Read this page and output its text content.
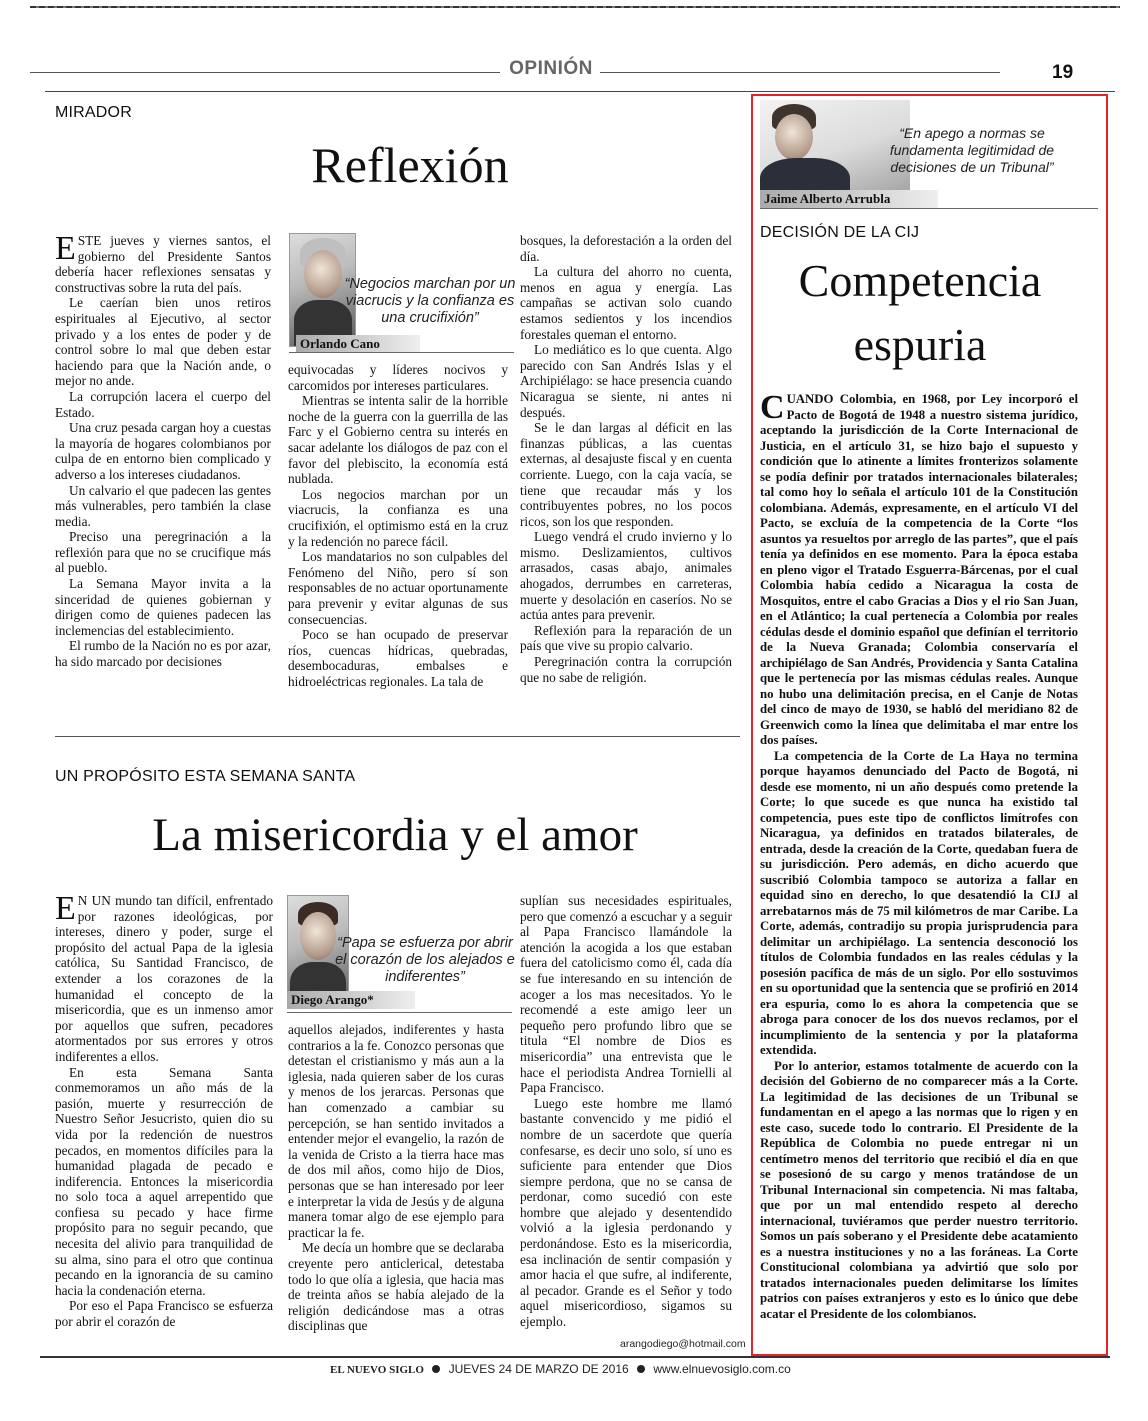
OPINIÓN	19
MIRADOR
Reflexión

ESTE jueves y viernes santos, el gobierno del Presidente Santos debería hacer reflexiones sensatas y constructivas sobre la ruta del país.

Le caerían bien unos retiros espirituales al Ejecutivo, al sector privado y a los entes de poder y de control sobre lo mal que deben estar haciendo para que la Nación ande, o mejor no ande.

La corrupción lacera el cuerpo del Estado.

Una cruz pesada cargan hoy a cuestas la mayoría de hogares colombianos por culpa de en entorno bien complicado y adverso a los intereses ciudadanos.

Un calvario el que padecen las gentes más vulnerables, pero también la clase media.

Preciso una peregrinación a la reflexión para que no se crucifique más al pueblo.

La Semana Mayor invita a la sinceridad de quienes gobiernan y dirigen como de quienes padecen las inclemencias del establecimiento.

El rumbo de la Nación no es por azar, ha sido marcado por decisiones

Orlando Cano
“Negocios marchan por un viacrucis y la confianza es una crucifixión”

equivocadas y líderes nocivos y carcomidos por intereses particulares.

Mientras se intenta salir de la horrible noche de la guerra con la guerrilla de las Farc y el Gobierno centra su interés en sacar adelante los diálogos de paz con el favor del plebiscito, la economía está nublada.

Los negocios marchan por un viacrucis, la confianza es una crucifixión, el optimismo está en la cruz y la redención no parece fácil.

Los mandatarios no son culpables del Fenómeno del Niño, pero sí son responsables de no actuar oportunamente para prevenir y evitar algunas de sus consecuencias.

Poco se han ocupado de preservar ríos, cuencas hídricas, quebradas, desembocaduras, embalses e hidroeléctricas regionales. La tala de

bosques, la deforestación a la orden del día.

La cultura del ahorro no cuenta, menos en agua y energía. Las campañas se activan solo cuando estamos sedientos y los incendios forestales queman el entorno.

Lo mediático es lo que cuenta. Algo parecido con San Andrés Islas y el Archipiélago: se hace presencia cuando Nicaragua se siente, ni antes ni después.

Se le dan largas al déficit en las finanzas públicas, a las cuentas externas, al desajuste fiscal y en cuenta corriente. Luego, con la caja vacía, se tiene que recaudar más y los contribuyentes pobres, no los pocos ricos, son los que responden.

Luego vendrá el crudo invierno y lo mismo. Deslizamientos, cultivos arrasados, casas abajo, animales ahogados, derrumbes en carreteras, muerte y desolación en caseríos. No se actúa antes para prevenir.

Reflexión para la reparación de un país que vive su propio calvario.

Peregrinación contra la corrupción que no sabe de religión.

UN PROPÓSITO ESTA SEMANA SANTA
La misericordia y el amor

E N UN mundo tan difícil, enfrentado por razones ideológicas, por intereses, dinero y poder, surge el propósito del actual Papa de la iglesia católica, Su Santidad Francisco, de extender a los corazones de la humanidad el concepto de la misericordia, que es un inmenso amor por aquellos que sufren, pecadores atormentados por sus errores y otros indiferentes a ellos.

En esta Semana Santa conmemoramos un año más de la pasión, muerte y resurrección de Nuestro Señor Jesucristo, quien dio su vida por la redención de nuestros pecados, en momentos difíciles para la humanidad plagada de pecado e indiferencia. Entonces la misericordia no solo toca a aquel arrepentido que confiesa su pecado y hace firme propósito para no seguir pecando, que necesita del alivio para tranquilidad de su alma, sino para el otro que continua pecando en la ignorancia de su camino hacia la condenación eterna.

Por eso el Papa Francisco se esfuerza por abrir el corazón de

Diego Arango*
“Papa se esfuerza por abrir el corazón de los alejados e indiferentes”

aquellos alejados, indiferentes y hasta contrarios a la fe. Conozco personas que detestan el cristianismo y más aun a la iglesia, nada quieren saber de los curas y menos de los jerarcas. Personas que han comenzado a cambiar su percepción, se han sentido invitados a entender mejor el evangelio, la razón de la venida de Cristo a la tierra hace mas de dos mil años, como hijo de Dios, personas que se han interesado por leer e interpretar la vida de Jesús y de alguna manera tomar algo de ese ejemplo para practicar la fe.

Me decía un hombre que se declaraba creyente pero anticlerical, detestaba todo lo que olía a iglesia, que hacia mas de treinta años se había alejado de la religión dedicándose mas a otras disciplinas que

suplían sus necesidades espirituales, pero que comenzó a escuchar y a seguir al Papa Francisco llamándole la atención la acogida a los que estaban fuera del catolicismo como él, cada día se fue interesando en su intención de acoger a los mas necesitados. Yo le recomendé a este amigo leer un pequeño pero profundo libro que se titula “El nombre de Dios es misericordia” una entrevista que le hace el periodista Andrea Tornielli al Papa Francisco.

Luego este hombre me llamó bastante convencido y me pidió el nombre de un sacerdote que quería confesarse, es decir uno solo, sí uno es suficiente para entender que Dios siempre perdona, que no se cansa de perdonar, como sucedió con este hombre que alejado y desentendido volvió a la iglesia perdonando y perdonándose. Esto es la misericordia, esa inclinación de sentir compasión y amor hacia el que sufre, al indiferente, al pecador. Grande es el Señor y todo aquel misericordioso, sigamos su ejemplo.

arangodiego@hotmail.com
Jaime Alberto Arrubla
“En apego a normas se fundamenta legitimidad de decisiones de un Tribunal”
DECISIÓN DE LA CIJ
Competencia
espuria

CUANDO Colombia, en 1968, por Ley incorporó el Pacto de Bogotá de 1948 a nuestro sistema jurídico, aceptando la jurisdicción de la Corte Internacional de Justicia, en el artículo 31, se hizo bajo el supuesto y condición que lo atinente a límites fronterizos solamente se podía definir por tratados internacionales bilaterales; tal como hoy lo señala el artículo 101 de la Constitución colombiana. Además, expresamente, en el artículo VI del Pacto, se excluía de la competencia de la Corte “los asuntos ya resueltos por arreglo de las partes”, que el país tenía ya definidos en ese momento. Para la época estaba en pleno vigor el Tratado Esguerra-Bárcenas, por el cual Colombia había cedido a Nicaragua la costa de Mosquitos, entre el cabo Gracias a Dios y el rio San Juan, en el Atlántico; la cual pertenecía a Colombia por reales cédulas desde el dominio español que definían el territorio de la Nueva Granada; Colombia conservaría el archipiélago de San Andrés, Providencia y Santa Catalina que le pertenecía por las mismas cédulas reales. Aunque no hubo una delimitación precisa, en el Canje de Notas del cinco de mayo de 1930, se habló del meridiano 82 de Greenwich como la línea que delimitaba el mar entre los dos países.

La competencia de la Corte de La Haya no termina porque hayamos denunciado del Pacto de Bogotá, ni desde ese momento, ni un año después como pretende la Corte; lo que sucede es que nunca ha existido tal competencia, pues este tipo de conflictos limítrofes con Nicaragua, ya definidos en tratados bilaterales, de entrada, desde la creación de la Corte, quedaban fuera de su jurisdicción. Pero además, en dicho acuerdo que suscribió Colombia tampoco se autoriza a fallar en equidad sino en derecho, lo que desatendió la CIJ al arrebatarnos más de 75 mil kilómetros de mar Caribe. La Corte, además, contradijo su propia jurisprudencia para delimitar un archipiélago. La sentencia desconoció los títulos de Colombia fundados en las reales cédulas y la posesión pacífica de más de un siglo. Por ello sostuvimos en su oportunidad que la sentencia que se profirió en 2014 era espuria, como lo es ahora la competencia que se abroga para conocer de los dos nuevos reclamos, por el incumplimiento de la sentencia y por la plataforma extendida.

Por lo anterior, estamos totalmente de acuerdo con la decisión del Gobierno de no comparecer más a la Corte. La legitimidad de las decisiones de un Tribunal se fundamentan en el apego a las normas que lo rigen y en este caso, sucede todo lo contrario. El Presidente de la República de Colombia no puede entregar ni un centímetro menos del territorio que recibió el día en que se posesionó de su cargo y menos tratándose de un Tribunal Internacional sin competencia. Ni mas faltaba, que por un mal entendido respeto al derecho internacional, tuviéramos que perder nuestro territorio. Somos un país soberano y el Presidente debe acatamiento es a nuestra instituciones y no a las foráneas. La Corte Constitucional colombiana ya advirtió que solo por tratados internacionales pueden delimitarse los límites patrios con países extranjeros y esto es lo único que debe acatar el Presidente de los colombianos.

EL NUEVO SIGLO JUEVES 24 DE MARZO DE 2016 www.elnuevosiglo.com.co
